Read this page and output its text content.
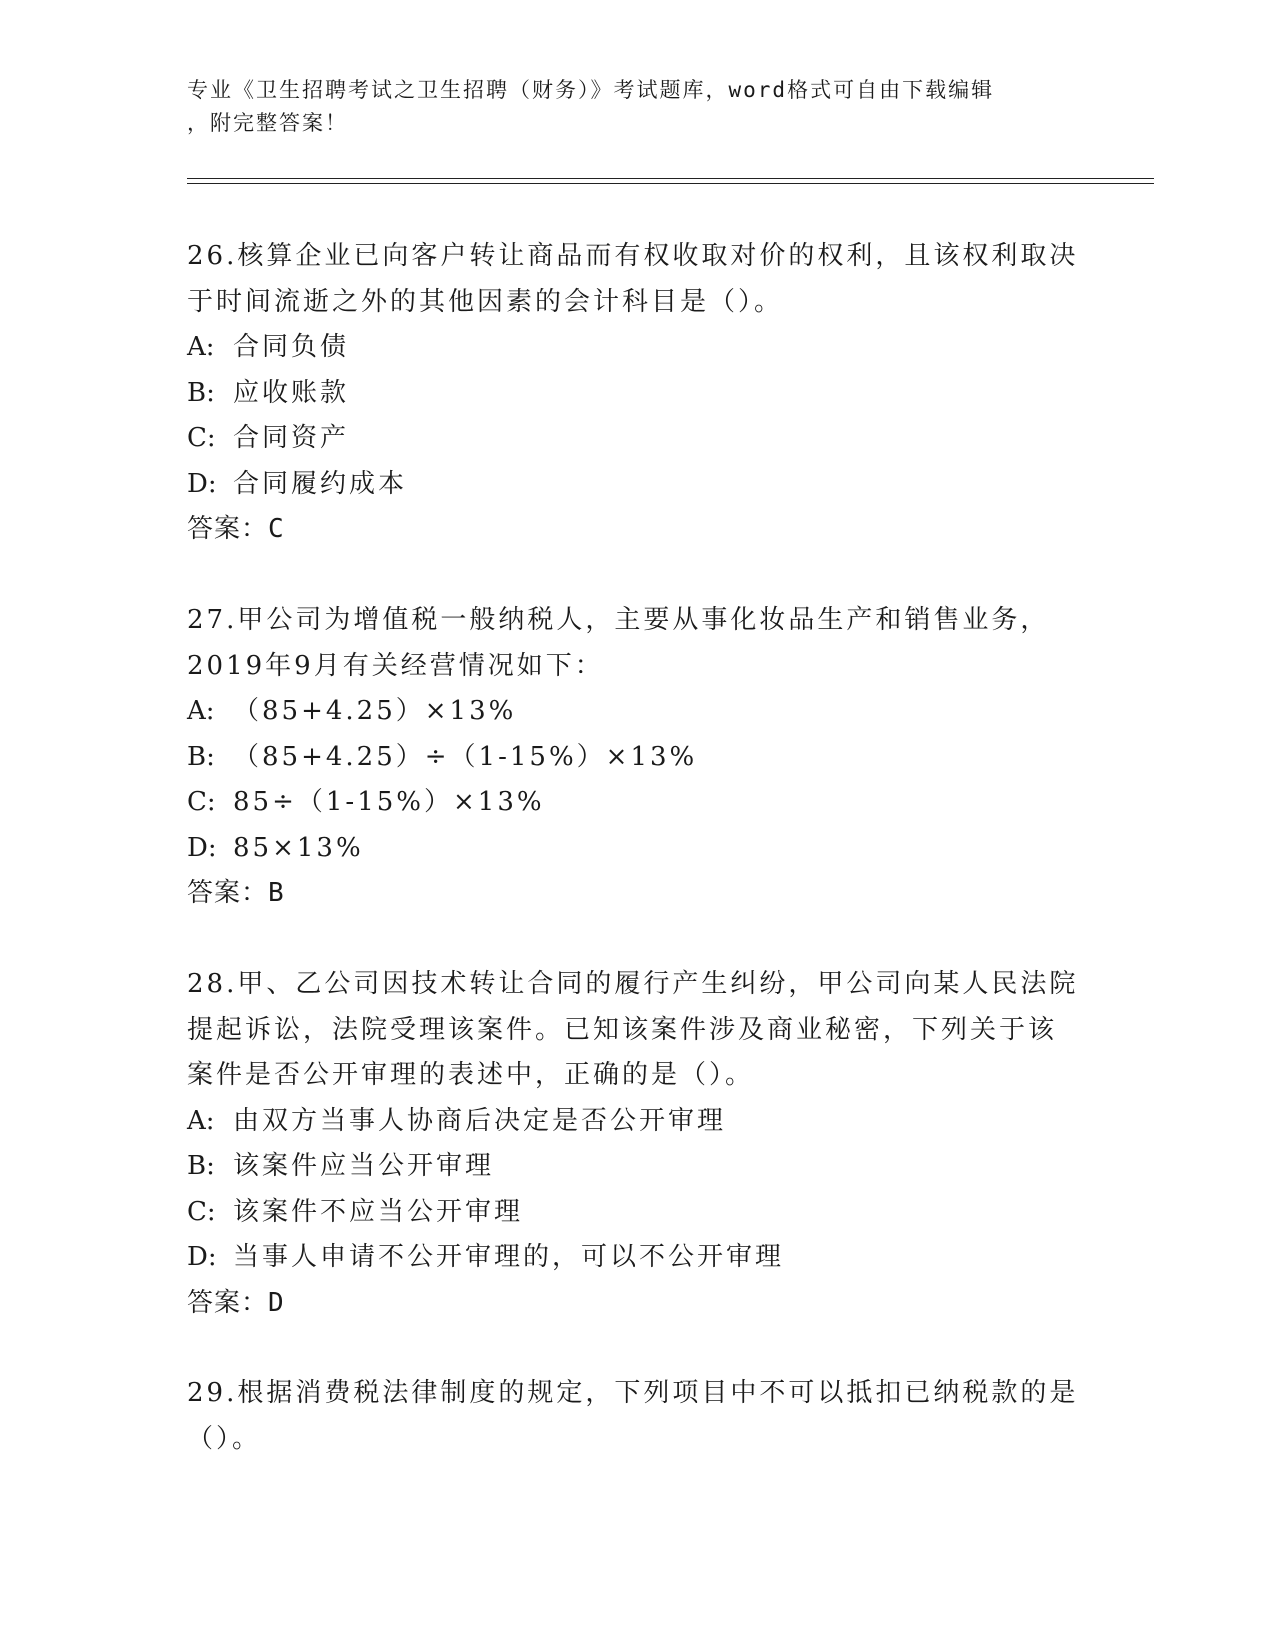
专业《卫生招聘考试之卫生招聘（财务）》考试题库，word格式可自由下载编辑
，附完整答案！
26.核算企业已向客户转让商品而有权收取对价的权利，且该权利取决
于时间流逝之外的其他因素的会计科目是（）。
A: 合同负债
B: 应收账款
C: 合同资产
D: 合同履约成本
答案：C
27.甲公司为增值税一般纳税人，主要从事化妆品生产和销售业务，
2019年9月有关经营情况如下：
A: （85+4.25）×13%
B: （85+4.25）÷（1-15%）×13%
C: 85÷（1-15%）×13%
D: 85×13%
答案：B
28.甲、乙公司因技术转让合同的履行产生纠纷，甲公司向某人民法院
提起诉讼，法院受理该案件。已知该案件涉及商业秘密，下列关于该
案件是否公开审理的表述中，正确的是（）。
A: 由双方当事人协商后决定是否公开审理
B: 该案件应当公开审理
C: 该案件不应当公开审理
D: 当事人申请不公开审理的，可以不公开审理
答案：D
29.根据消费税法律制度的规定，下列项目中不可以抵扣已纳税款的是
（）。
